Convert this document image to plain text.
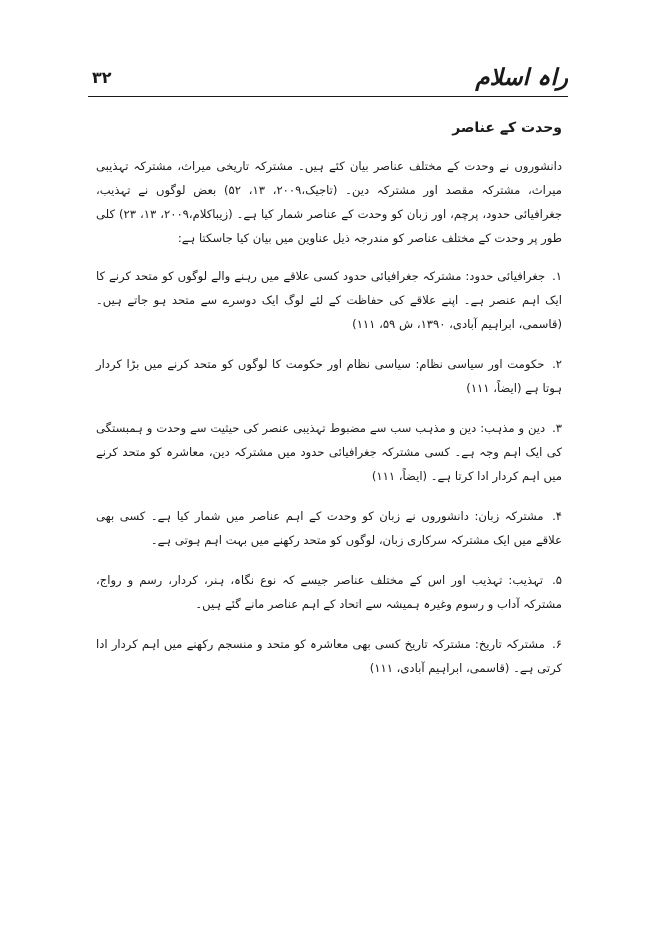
راہ اسلام
۳۲
وحدت کے عناصر

دانشوروں نے وحدت کے مختلف عناصر بیان کئے ہیں۔ مشترکہ تاریخی میراث، مشترکہ تہذیبی میراث، مشترکہ مقصد اور مشترکہ دین۔ (تاجیک،۲۰۰۹، ۱۳، ۵۲) بعض لوگوں نے تہذیب، جغرافیائی حدود، پرچم، اور زبان کو وحدت کے عناصر شمار کیا ہے۔ (زیباکلام،۲۰۰۹، ۱۳، ۲۳) کلی طور پر وحدت کے مختلف عناصر کو مندرجہ ذیل عناوین میں بیان کیا جاسکتا ہے:

۱. جغرافیائی حدود: مشترکہ جغرافیائی حدود کسی علاقے میں رہنے والے لوگوں کو متحد کرنے کا ایک اہم عنصر ہے۔ اپنے علاقے کی حفاظت کے لئے لوگ ایک دوسرے سے متحد ہو جاتے ہیں۔ (قاسمی، ابراہیم آبادی، ۱۳۹۰، ش ۵۹، ۱۱۱)

۲. حکومت اور سیاسی نظام: سیاسی نظام اور حکومت کا لوگوں کو متحد کرنے میں بڑا کردار ہوتا ہے (ایضاً، ۱۱۱)

۳. دین و مذہب: دین و مذہب سب سے مضبوط تہذیبی عنصر کی حیثیت سے وحدت و ہمبستگی کی ایک اہم وجہ ہے۔ کسی مشترکہ جغرافیائی حدود میں مشترکہ دین، معاشرہ کو متحد کرنے میں اہم کردار ادا کرتا ہے۔ (ایضاً، ۱۱۱)

۴. مشترکہ زبان: دانشوروں نے زبان کو وحدت کے اہم عناصر میں شمار کیا ہے۔ کسی بھی علاقے میں ایک مشترکہ سرکاری زبان، لوگوں کو متحد رکھنے میں بہت اہم ہوتی ہے۔

۵. تہذیب: تہذیب اور اس کے مختلف عناصر جیسے کہ نوع نگاہ، ہنر، کردار، رسم و رواج، مشترکہ آداب و رسوم وغیرہ ہمیشہ سے اتحاد کے اہم عناصر مانے گئے ہیں۔

۶. مشترکہ تاریخ: مشترکہ تاریخ کسی بھی معاشرہ کو متحد و منسجم رکھنے میں اہم کردار ادا کرتی ہے۔ (قاسمی، ابراہیم آبادی، ۱۱۱)
